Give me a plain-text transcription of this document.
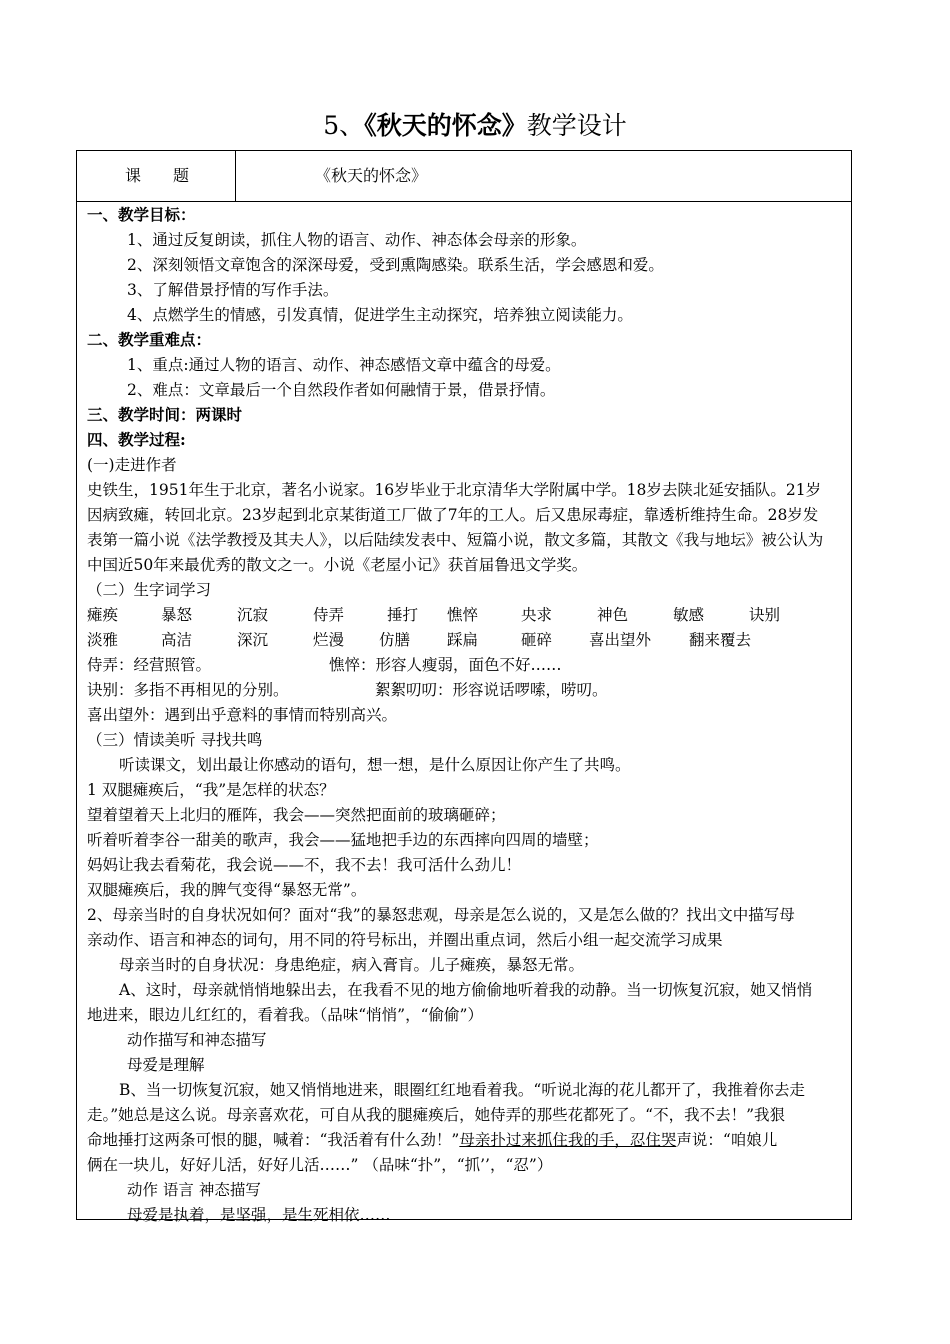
5、《秋天的怀念》教学设计
课 题	《秋天的怀念》
一、教学目标：
1、通过反复朗读，抓住人物的语言、动作、神态体会母亲的形象。
2、深刻领悟文章饱含的深深母爱，受到熏陶感染。联系生活，学会感恩和爱。
3、了解借景抒情的写作手法。
4、点燃学生的情感，引发真情，促进学生主动探究，培养独立阅读能力。
二、教学重难点：
1、重点:通过人物的语言、动作、神态感悟文章中蕴含的母爱。
2、难点：文章最后一个自然段作者如何融情于景，借景抒情。
三、教学时间：两课时
四、教学过程:
(一)走进作者
史铁生，1951年生于北京，著名小说家。16岁毕业于北京清华大学附属中学。18岁去陕北延安插队。21岁
因病致瘫，转回北京。23岁起到北京某街道工厂做了7年的工人。后又患尿毒症，靠透析维持生命。28岁发
表第一篇小说《法学教授及其夫人》，以后陆续发表中、短篇小说，散文多篇，其散文《我与地坛》被公认为
中国近50年来最优秀的散文之一。小说《老屋小记》获首届鲁迅文学奖。
（二）生字词学习
瘫痪	暴怒	沉寂	侍弄	捶打 憔悴	央求	神色	敏感	诀别
淡雅	高洁	深沉	烂漫 仿膳 踩扁	砸碎 喜出望外 翻来覆去
侍弄：经营照管。	憔悴：形容人瘦弱，面色不好……
诀别：多指不再相见的分别。	絮絮叨叨：形容说话啰嗦，唠叨。
喜出望外：遇到出乎意料的事情而特别高兴。
（三）情读美听 寻找共鸣
听读课文，划出最让你感动的语句，想一想，是什么原因让你产生了共鸣。
1 双腿瘫痪后，“我”是怎样的状态？
望着望着天上北归的雁阵，我会——突然把面前的玻璃砸碎；
听着听着李谷一甜美的歌声，我会——猛地把手边的东西摔向四周的墙壁；
妈妈让我去看菊花，我会说——不，我不去！我可活什么劲儿！
双腿瘫痪后，我的脾气变得“暴怒无常”。
2、母亲当时的自身状况如何？面对“我”的暴怒悲观，母亲是怎么说的，又是怎么做的？找出文中描写母
亲动作、语言和神态的词句，用不同的符号标出，并圈出重点词，然后小组一起交流学习成果
母亲当时的自身状况：身患绝症，病入膏肓。儿子瘫痪，暴怒无常。
A、这时，母亲就悄悄地躲出去，在我看不见的地方偷偷地听着我的动静。当一切恢复沉寂，她又悄悄
地进来，眼边儿红红的，看着我。（品味“悄悄”，“偷偷”）
动作描写和神态描写
母爱是理解
B、当一切恢复沉寂，她又悄悄地进来，眼圈红红地看着我。“听说北海的花儿都开了，我推着你去走
走。”她总是这么说。母亲喜欢花，可自从我的腿瘫痪后，她侍弄的那些花都死了。“不，我不去！”我狠
命地捶打这两条可恨的腿，喊着：“我活着有什么劲！”母亲扑过来抓住我的手，忍住哭声说：“咱娘儿
俩在一块儿，好好儿活，好好儿活……” （品味“扑”，“抓’’，“忍”）
动作 语言 神态描写
母爱是执着，是坚强，是生死相依……
